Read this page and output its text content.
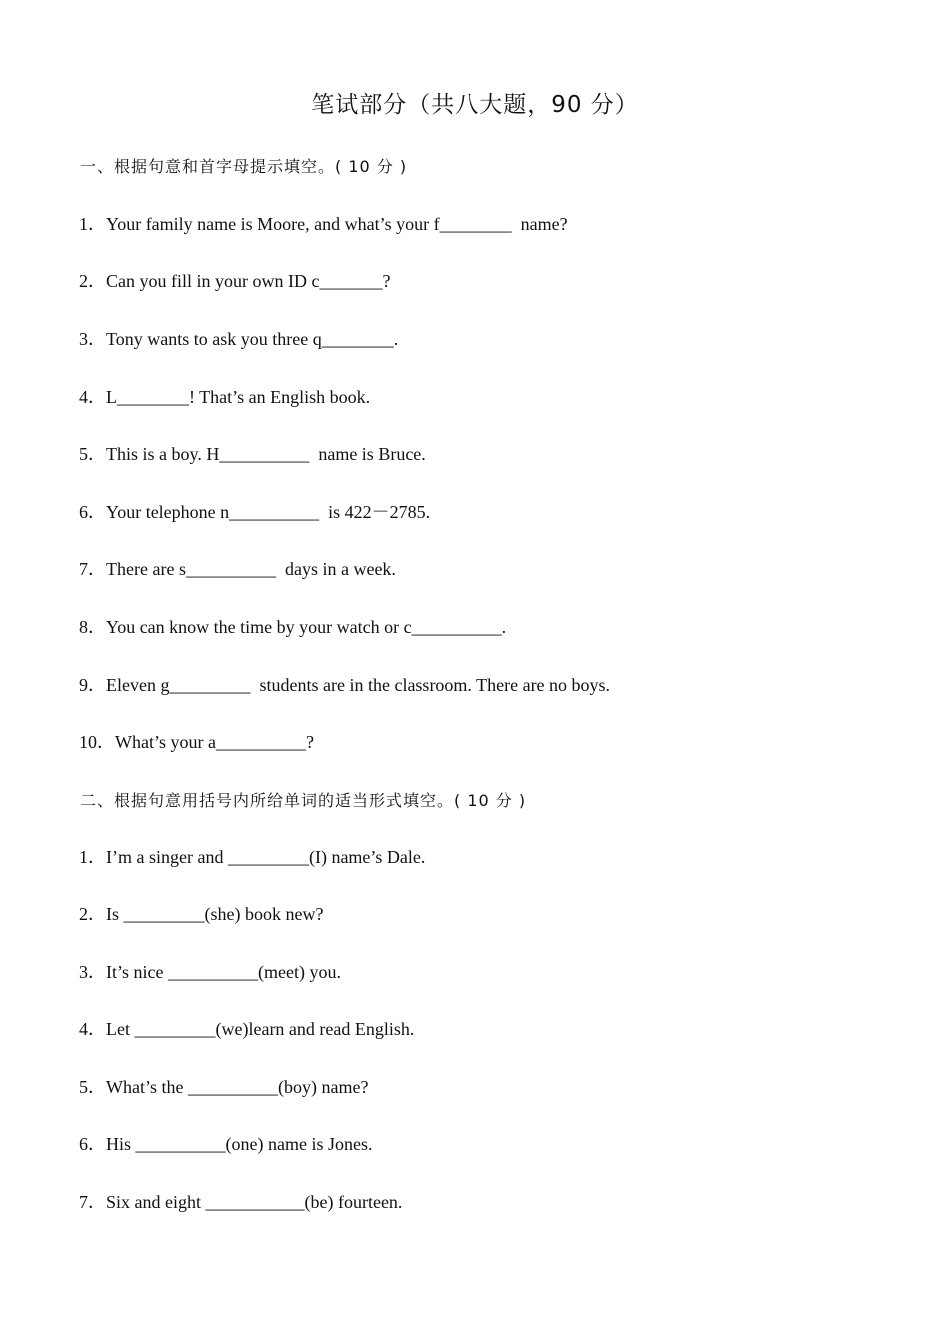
笔试部分（共八大题，90 分）
一、根据句意和首字母提示填空。( 10 分 )
1．Your family name is Moore, and what’s your f________  name?
2．Can you fill in your own ID c_______?
3．Tony wants to ask you three q________.
4．L________! That’s an English book.
5．This is a boy. H__________  name is Bruce.
6．Your telephone n__________  is 422－2785.
7．There are s__________  days in a week.
8．You can know the time by your watch or c__________.
9．Eleven g_________  students are in the classroom. There are no boys.
10．What’s your a__________?
二、根据句意用括号内所给单词的适当形式填空。( 10 分 )
1．I’m a singer and _________(I) name’s Dale.
2．Is _________(she) book new?
3．It’s nice __________(meet) you.
4．Let _________(we)learn and read English.
5．What’s the __________(boy) name?
6．His __________(one) name is Jones.
7．Six and eight ___________(be) fourteen.
